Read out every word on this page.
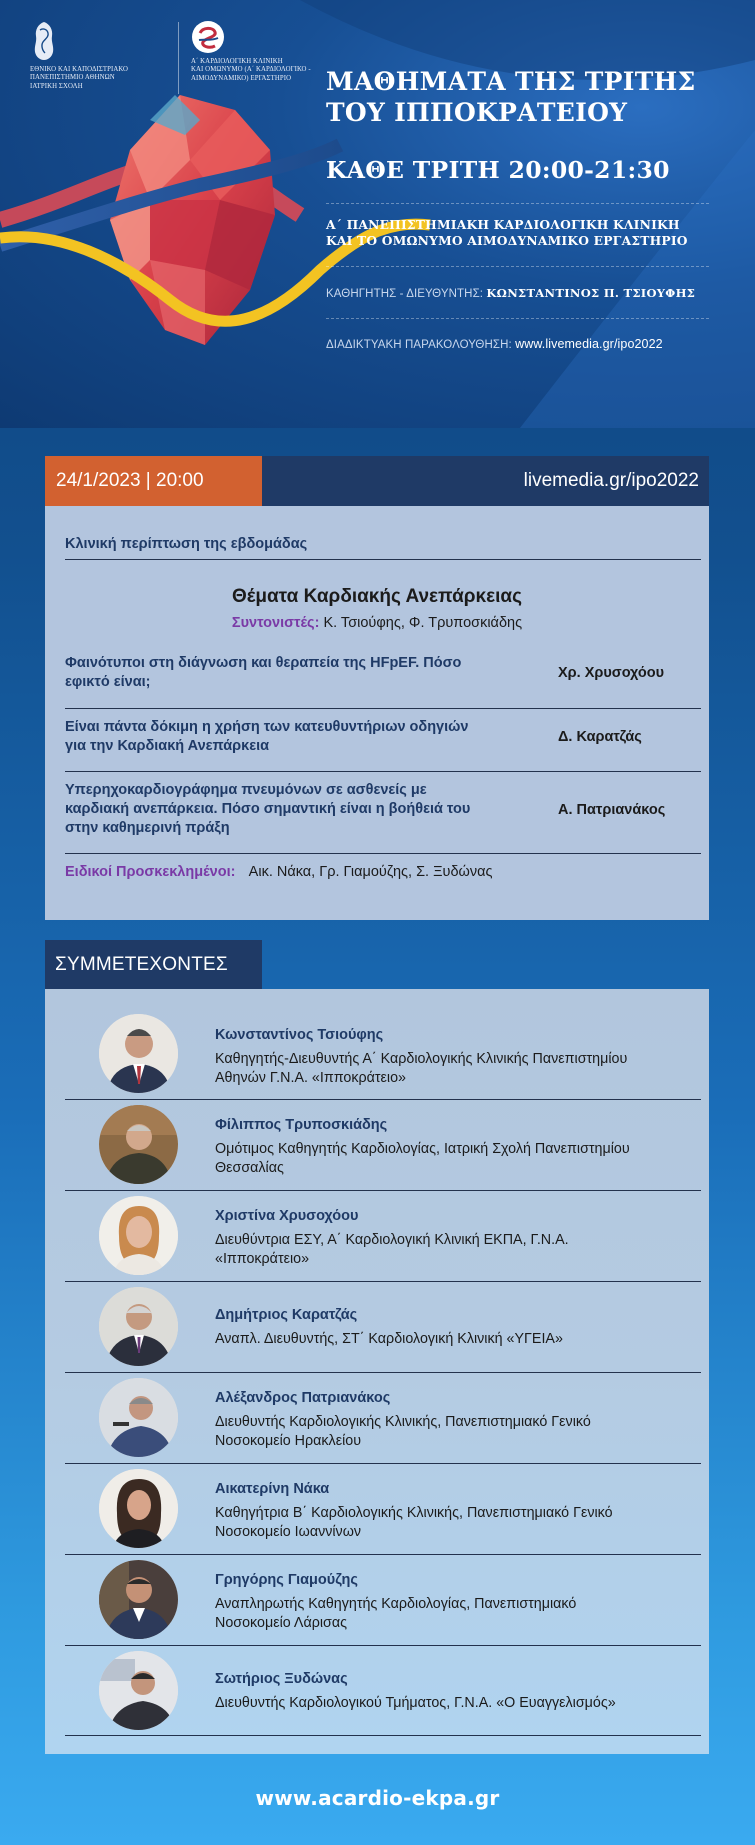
ΕΘΝΙΚΟ ΚΑΙ ΚΑΠΟΔΙΣΤΡΙΑΚΟ
ΠΑΝΕΠΙΣΤΗΜΙΟ ΑΘΗΝΩΝ
ΙΑΤΡΙΚΗ ΣΧΟΛΗ
Α΄ ΚΑΡΔΙΟΛΟΓΙΚΗ ΚΛΙΝΙΚΗ
ΚΑΙ ΟΜΩΝΥΜΟ (Α΄ ΚΑΡΔΙΟΛΟΓΙΚΟ -
ΑΙΜΟΔΥΝΑΜΙΚΟ) ΕΡΓΑΣΤΗΡΙΟ	ΜΑΘΗΜΑΤΑ ΤΗΣ ΤΡΙΤΗΣ
ΤΟΥ ΙΠΠΟΚΡΑΤΕΙΟΥ
ΚΑΘΕ ΤΡΙΤΗ 20:00-21:30
Α΄ ΠΑΝΕΠΙΣΤΗΜΙΑΚΗ ΚΑΡΔΙΟΛΟΓΙΚΗ ΚΛΙΝΙΚΗ
ΚΑΙ ΤΟ ΟΜΩΝΥΜΟ ΑΙΜΟΔΥΝΑΜΙΚΟ ΕΡΓΑΣΤΗΡΙΟ
ΚΑΘΗΓΗΤΗΣ - ΔΙΕΥΘΥΝΤΗΣ: ΚΩΝΣΤΑΝΤΙΝΟΣ Π. ΤΣΙΟΥΦΗΣ
ΔΙΑΔΙΚΤΥΑΚΗ ΠΑΡΑΚΟΛΟΥΘΗΣΗ: www.livemedia.gr/ipo2022
24/1/2023 | 20:00	livemedia.gr/ipo2022
Κλινική περίπτωση της εβδομάδας
Θέματα Καρδιακής Ανεπάρκειας
Συντονιστές: Κ. Τσιούφης, Φ. Τρυποσκιάδης
Φαινότυποι στη διάγνωση και θεραπεία της HFpEF. Πόσο
εφικτό είναι;
Χρ. Χρυσοχόου
Είναι πάντα δόκιμη η χρήση των κατευθυντήριων οδηγιών
για την Καρδιακή Ανεπάρκεια
Δ. Καρατζάς
Υπερηχοκαρδιογράφημα πνευμόνων σε ασθενείς με
καρδιακή ανεπάρκεια. Πόσο σημαντική είναι η βοήθειά του
στην καθημερινή πράξη
Α. Πατριανάκος
Ειδικοί Προσκεκλημένοι: Αικ. Νάκα, Γρ. Γιαμούζης, Σ. Ξυδώνας
ΣΥΜΜΕΤΕΧΟΝΤΕΣ
Κωνσταντίνος Τσιούφης
Καθηγητής-Διευθυντής Α΄ Καρδιολογικής Κλινικής Πανεπιστημίου
Αθηνών Γ.Ν.Α. «Ιπποκράτειο»
Φίλιππος Τρυποσκιάδης
Ομότιμος Καθηγητής Καρδιολογίας, Ιατρική Σχολή Πανεπιστημίου
Θεσσαλίας
Χριστίνα Χρυσοχόου
Διευθύντρια ΕΣΥ, Α΄ Καρδιολογική Κλινική ΕΚΠΑ, Γ.Ν.Α.
«Ιπποκράτειο»
Δημήτριος Καρατζάς
Αναπλ. Διευθυντής, ΣΤ΄ Καρδιολογική Κλινική «ΥΓΕΙΑ»
Αλέξανδρος Πατριανάκος
Διευθυντής Καρδιολογικής Κλινικής, Πανεπιστημιακό Γενικό
Νοσοκομείο Ηρακλείου
Αικατερίνη Νάκα
Καθηγήτρια Β΄ Καρδιολογικής Κλινικής, Πανεπιστημιακό Γενικό
Νοσοκομείο Ιωαννίνων
Γρηγόρης Γιαμούζης
Αναπληρωτής Καθηγητής Καρδιολογίας, Πανεπιστημιακό
Νοσοκομείο Λάρισας
Σωτήριος Ξυδώνας
Διευθυντής Καρδιολογικού Τμήματος, Γ.Ν.Α. «Ο Ευαγγελισμός»
www.acardio-ekpa.gr
